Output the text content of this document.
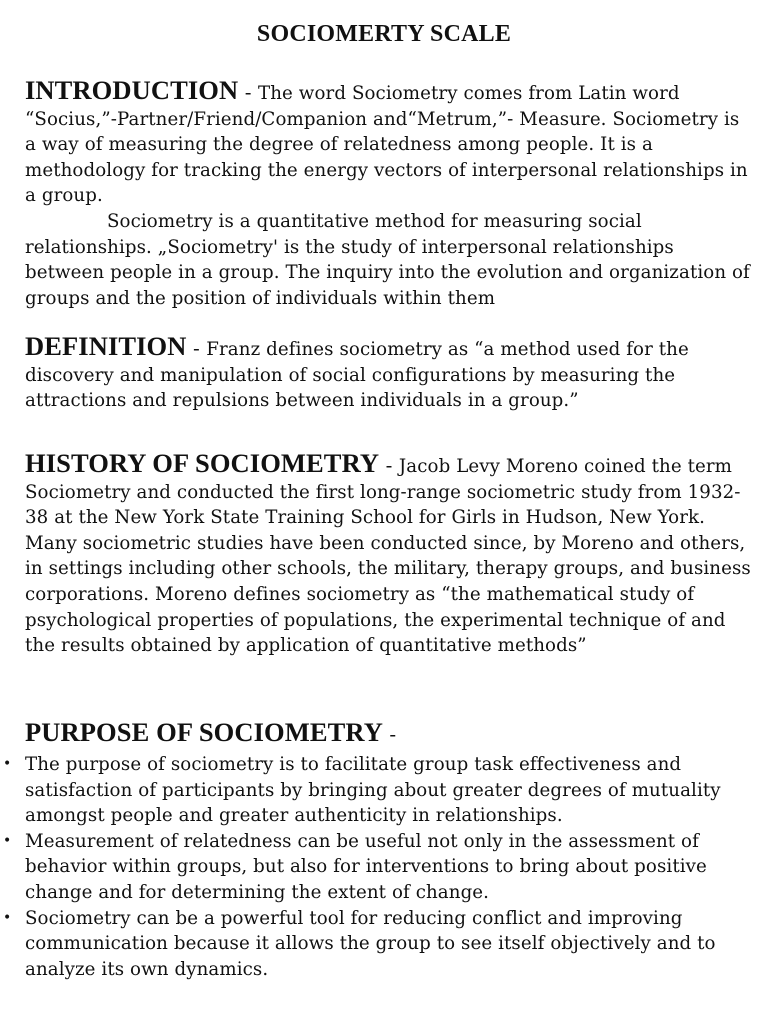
SOCIOMERTY SCALE
INTRODUCTION - The word Sociometry comes from Latin word “Socius,”-Partner/Friend/Companion and“Metrum,”- Measure. Sociometry is a way of measuring the degree of relatedness among people. It is a methodology for tracking the energy vectors of interpersonal relationships in a group.
Sociometry is a quantitative method for measuring social relationships. „Sociometry' is the study of interpersonal relationships between people in a group. The inquiry into the evolution and organization of groups and the position of individuals within them
DEFINITION - Franz defines sociometry as “a method used for the discovery and manipulation of social configurations by measuring the attractions and repulsions between individuals in a group.”
HISTORY OF SOCIOMETRY - Jacob Levy Moreno coined the term Sociometry and conducted the first long-range sociometric study from 1932-38 at the New York State Training School for Girls in Hudson, New York. Many sociometric studies have been conducted since, by Moreno and others, in settings including other schools, the military, therapy groups, and business corporations. Moreno defines sociometry as “the mathematical study of psychological properties of populations, the experimental technique of and the results obtained by application of quantitative methods”
PURPOSE OF SOCIOMETRY -
• The purpose of sociometry is to facilitate group task effectiveness and satisfaction of participants by bringing about greater degrees of mutuality amongst people and greater authenticity in relationships.
• Measurement of relatedness can be useful not only in the assessment of behavior within groups, but also for interventions to bring about positive change and for determining the extent of change.
• Sociometry can be a powerful tool for reducing conflict and improving communication because it allows the group to see itself objectively and to analyze its own dynamics.
